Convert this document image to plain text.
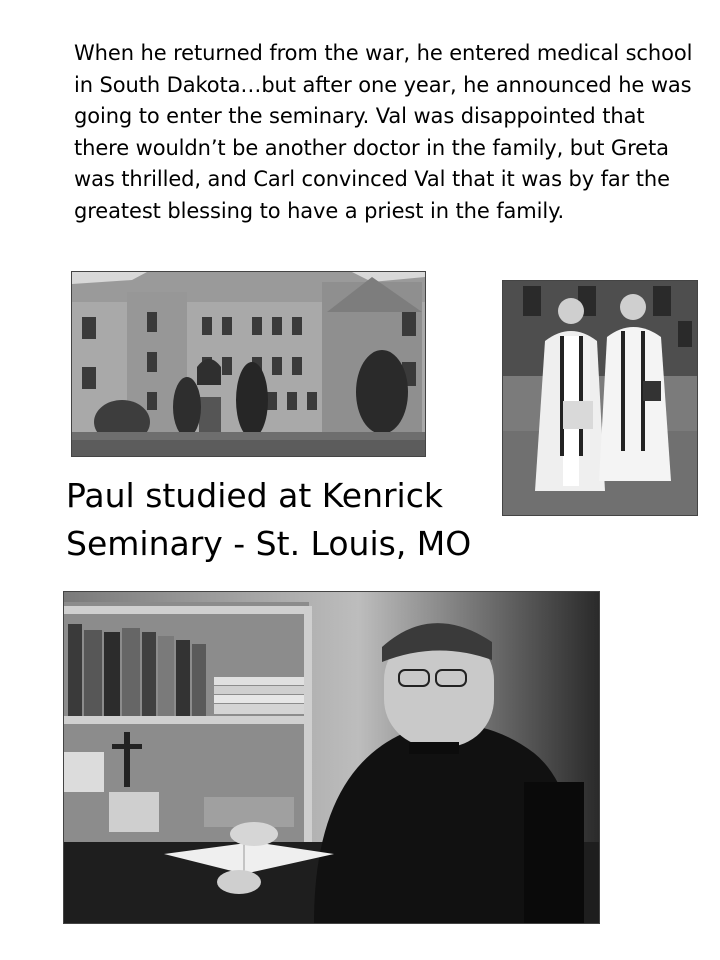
When he returned from the war, he entered medical school in South Dakota…but after one year, he announced he was going to enter the seminary. Val was disappointed that there wouldn’t be another doctor in the family, but Greta was thrilled, and Carl convinced Val that it was by far the greatest blessing to have a priest in the family.

Paul studied at Kenrick
Seminary - St. Louis, MO
